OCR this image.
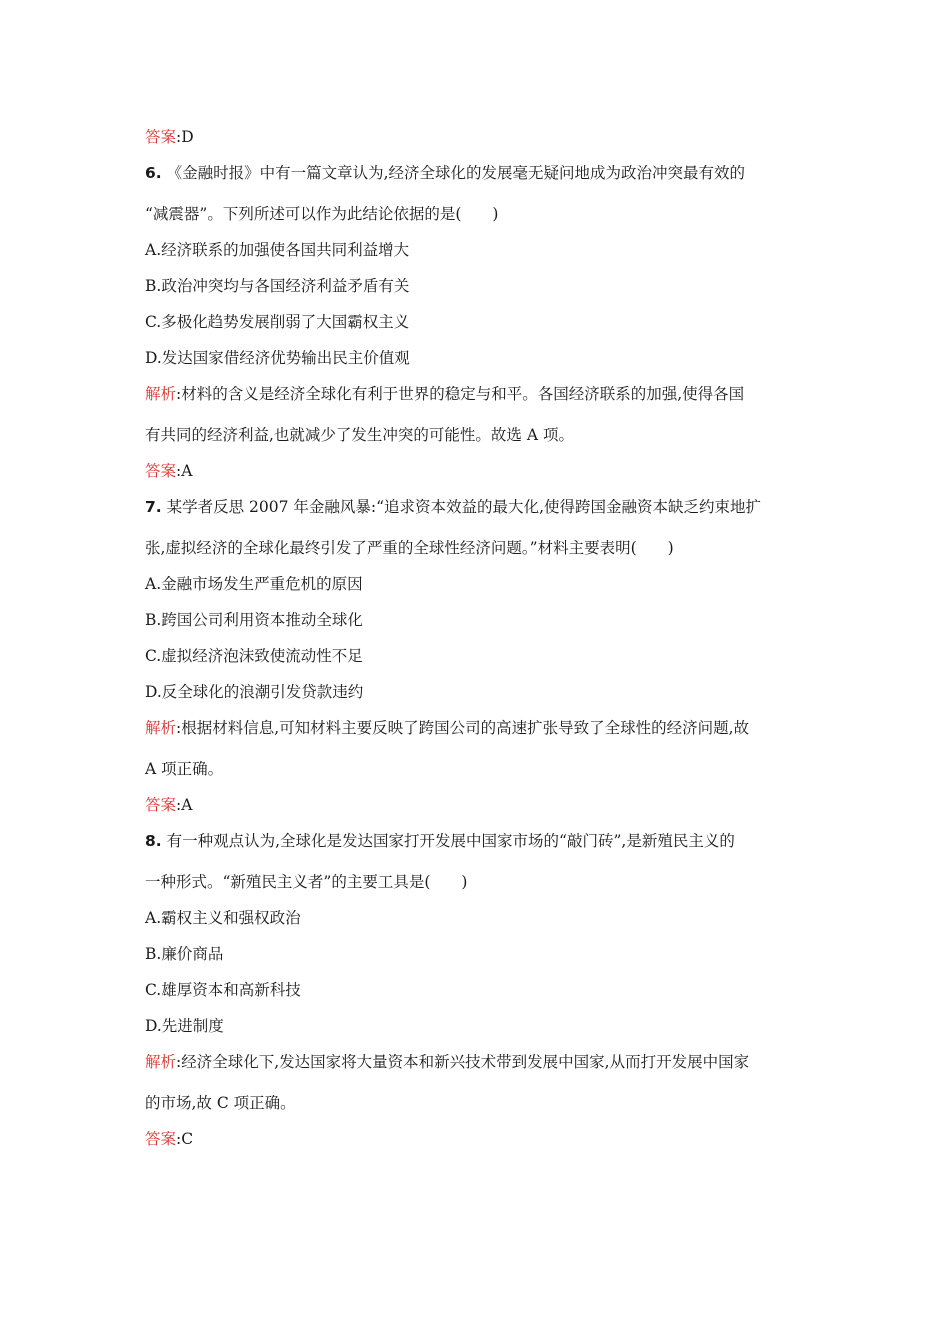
答案:D
6. 《金融时报》中有一篇文章认为,经济全球化的发展毫无疑问地成为政治冲突最有效的
“减震器”。下列所述可以作为此结论依据的是(　　)
A.经济联系的加强使各国共同利益增大
B.政治冲突均与各国经济利益矛盾有关
C.多极化趋势发展削弱了大国霸权主义
D.发达国家借经济优势输出民主价值观
解析:材料的含义是经济全球化有利于世界的稳定与和平。各国经济联系的加强,使得各国
有共同的经济利益,也就减少了发生冲突的可能性。故选 A 项。
答案:A
7. 某学者反思 2007 年金融风暴:“追求资本效益的最大化,使得跨国金融资本缺乏约束地扩
张,虚拟经济的全球化最终引发了严重的全球性经济问题。”材料主要表明(　　)
A.金融市场发生严重危机的原因
B.跨国公司利用资本推动全球化
C.虚拟经济泡沫致使流动性不足
D.反全球化的浪潮引发贷款违约
解析:根据材料信息,可知材料主要反映了跨国公司的高速扩张导致了全球性的经济问题,故
A 项正确。
答案:A
8. 有一种观点认为,全球化是发达国家打开发展中国家市场的“敲门砖”,是新殖民主义的
一种形式。“新殖民主义者”的主要工具是(　　)
A.霸权主义和强权政治
B.廉价商品
C.雄厚资本和高新科技
D.先进制度
解析:经济全球化下,发达国家将大量资本和新兴技术带到发展中国家,从而打开发展中国家
的市场,故 C 项正确。
答案:C
